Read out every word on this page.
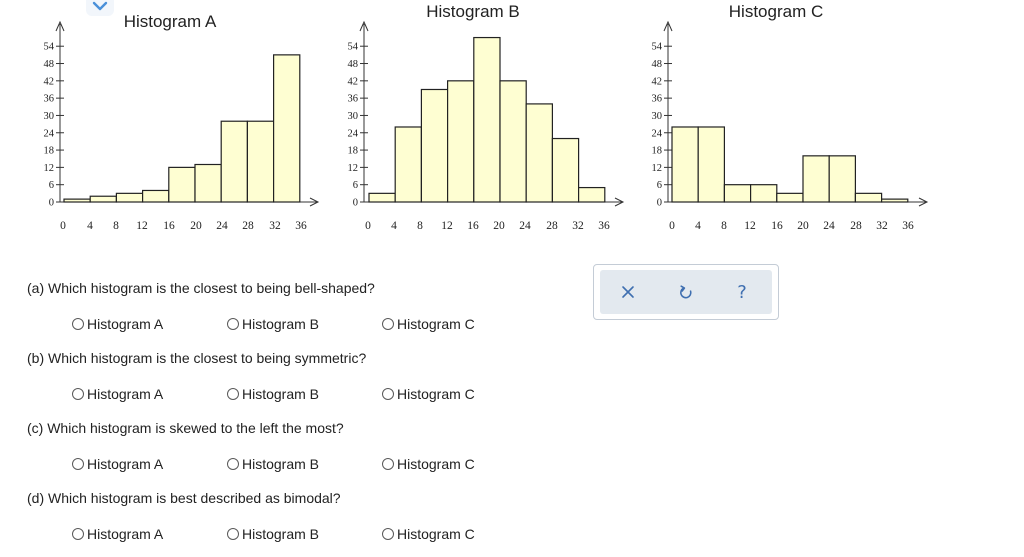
Histogram A
0
6
12
18
24
30
36
42
48
54
0 4 8 12 16 20 24 28 32 36
Histogram B
0
6
12
18
24
30
36
42
48
54
0 4 8 12 16 20 24 28 32 36
Histogram C
0
6
12
18
24
30
36
42
48
54
0 4 8 12 16 20 24 28 32 36
(a) Which histogram is the closest to being bell-shaped?
Histogram A	Histogram B	Histogram C
(b) Which histogram is the closest to being symmetric?
Histogram A	Histogram B	Histogram C
(c) Which histogram is skewed to the left the most?
Histogram A	Histogram B	Histogram C
(d) Which histogram is best described as bimodal?
Histogram A	Histogram B	Histogram C
?
